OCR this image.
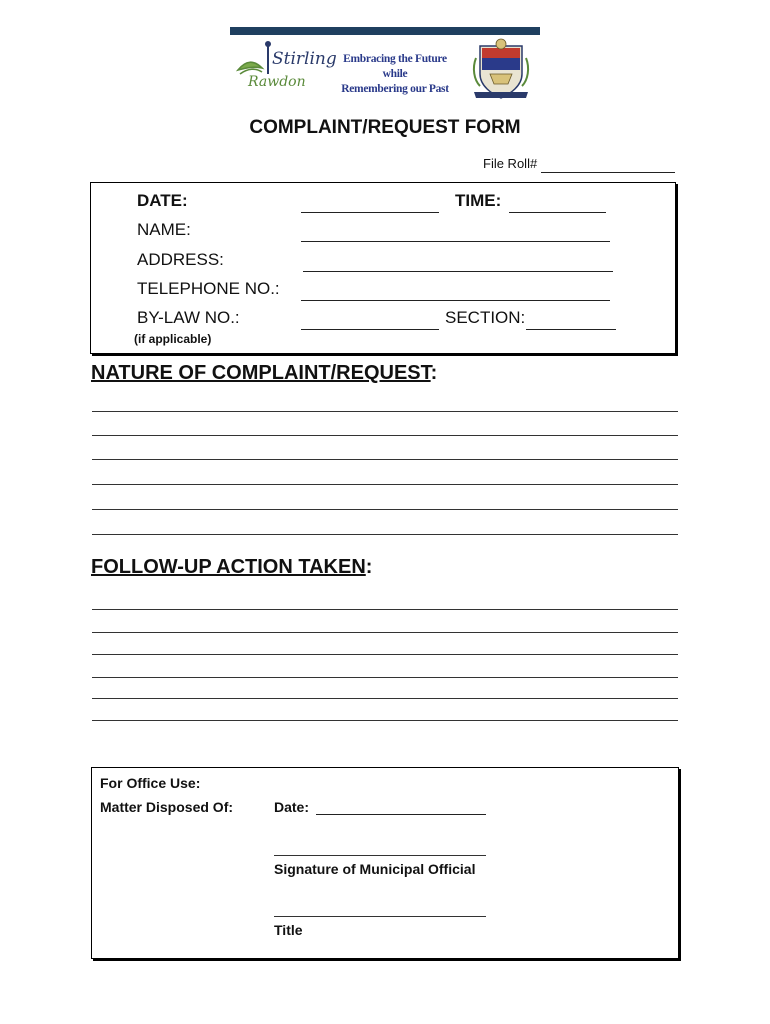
Stirling
Rawdon
Embracing the Future while
Remembering our Past
COMPLAINT/REQUEST FORM
File Roll#
DATE:	TIME:
NAME:
ADDRESS:
TELEPHONE NO.:
BY-LAW NO.:	SECTION:
(if applicable)
NATURE OF COMPLAINT/REQUEST:
FOLLOW-UP ACTION TAKEN:
For Office Use:
Matter Disposed Of:	Date:
Signature of Municipal Official
Title
